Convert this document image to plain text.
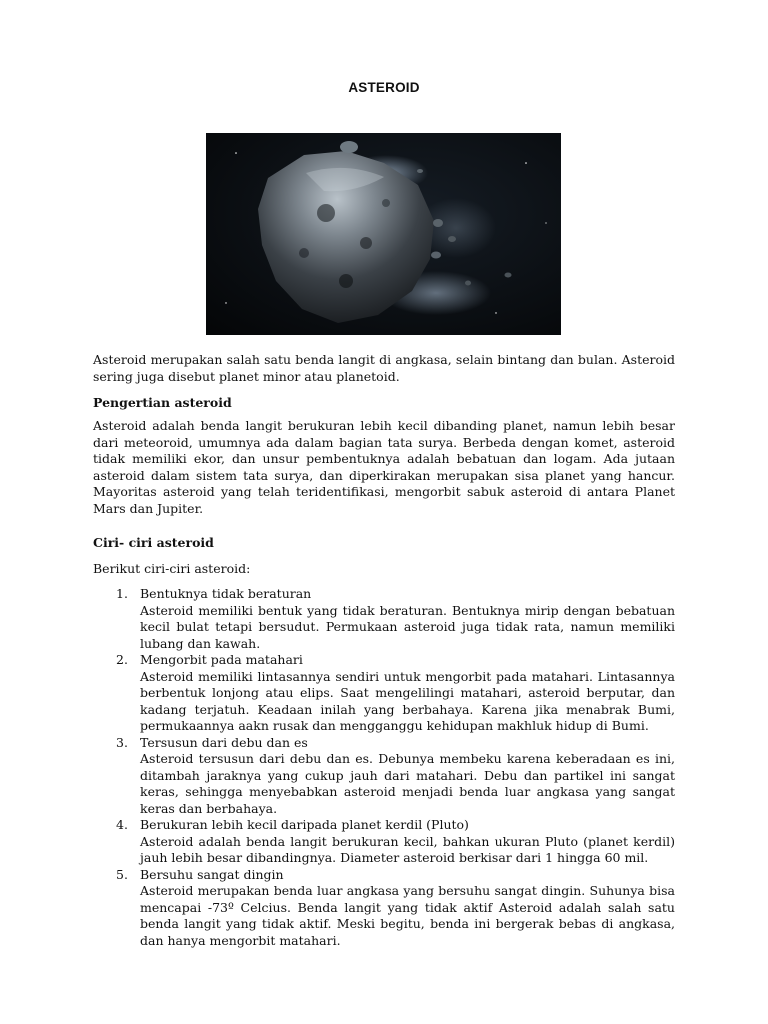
ASTEROID

Asteroid merupakan salah satu benda langit di angkasa, selain bintang dan bulan. Asteroid sering juga disebut planet minor atau planetoid.

Pengertian asteroid

Asteroid adalah benda langit berukuran lebih kecil dibanding planet, namun lebih besar dari meteoroid, umumnya ada dalam bagian tata surya. Berbeda dengan komet, asteroid tidak memiliki ekor, dan unsur pembentuknya adalah bebatuan dan logam. Ada jutaan asteroid dalam sistem tata surya, dan diperkirakan merupakan sisa planet yang hancur. Mayoritas asteroid yang telah teridentifikasi, mengorbit sabuk asteroid di antara Planet Mars dan Jupiter.

Ciri- ciri asteroid
Berikut ciri-ciri asteroid:
1. Bentuknya tidak beraturan
Asteroid memiliki bentuk yang tidak beraturan. Bentuknya mirip dengan bebatuan kecil bulat tetapi bersudut. Permukaan asteroid juga tidak rata, namun memiliki lubang dan kawah.
2. Mengorbit pada matahari
Asteroid memiliki lintasannya sendiri untuk mengorbit pada matahari. Lintasannya berbentuk lonjong atau elips. Saat mengelilingi matahari, asteroid berputar, dan kadang terjatuh. Keadaan inilah yang berbahaya. Karena jika menabrak Bumi, permukaannya aakn rusak dan mengganggu kehidupan makhluk hidup di Bumi.
3. Tersusun dari debu dan es
Asteroid tersusun dari debu dan es. Debunya membeku karena keberadaan es ini, ditambah jaraknya yang cukup jauh dari matahari. Debu dan partikel ini sangat keras, sehingga menyebabkan asteroid menjadi benda luar angkasa yang sangat keras dan berbahaya.
4. Berukuran lebih kecil daripada planet kerdil (Pluto)
Asteroid adalah benda langit berukuran kecil, bahkan ukuran Pluto (planet kerdil) jauh lebih besar dibandingnya. Diameter asteroid berkisar dari 1 hingga 60 mil.
5. Bersuhu sangat dingin
Asteroid merupakan benda luar angkasa yang bersuhu sangat dingin. Suhunya bisa mencapai -73º Celcius. Benda langit yang tidak aktif Asteroid adalah salah satu benda langit yang tidak aktif. Meski begitu, benda ini bergerak bebas di angkasa, dan hanya mengorbit matahari.
